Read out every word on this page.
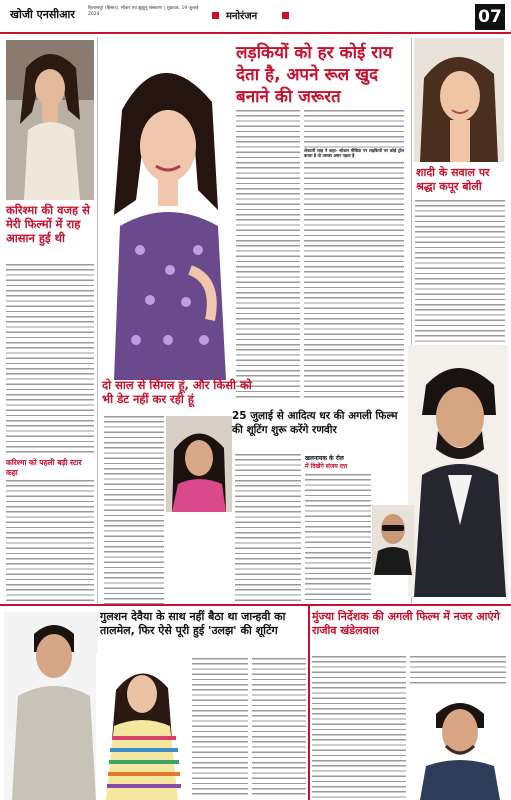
खोजी एनसीआर	बिलासपुर (हिसार), सीकर एवं झुंझुनूं संस्करण | शुक्रवार, 19 जुलाई 2024	मनोरंजन	07
करिश्मा की वजह से मेरी फिल्मों में राह आसान हुई थी
करिश्मा को पहली बड़ी स्टार कहा
लड़कियों को हर कोई राय देता है, अपने रूल खुद बनाने की जरूरत
शेफाली शाह ने कहा- सोशल मीडिया पर लड़कियों पर कोई ट्रोल करता है तो उसका असर पड़ता है
शादी के सवाल पर श्रद्धा कपूर बोली
दो साल से सिंगल हूं, और किसी को भी डेट नहीं कर रही हूं
25 जुलाई से आदित्य धर की अगली फिल्म की शूटिंग शुरू करेंगे रणवीर
खलनायक के रोल
में दिखेंगे संजय दत्त
गुलशन देवैया के साथ नहीं बैठा था जान्हवी का तालमेल, फिर ऐसे पूरी हुई 'उलझ' की शूटिंग
मुंज्या निर्देशक की अगली फिल्म में नजर आएंगे राजीव खंडेलवाल
